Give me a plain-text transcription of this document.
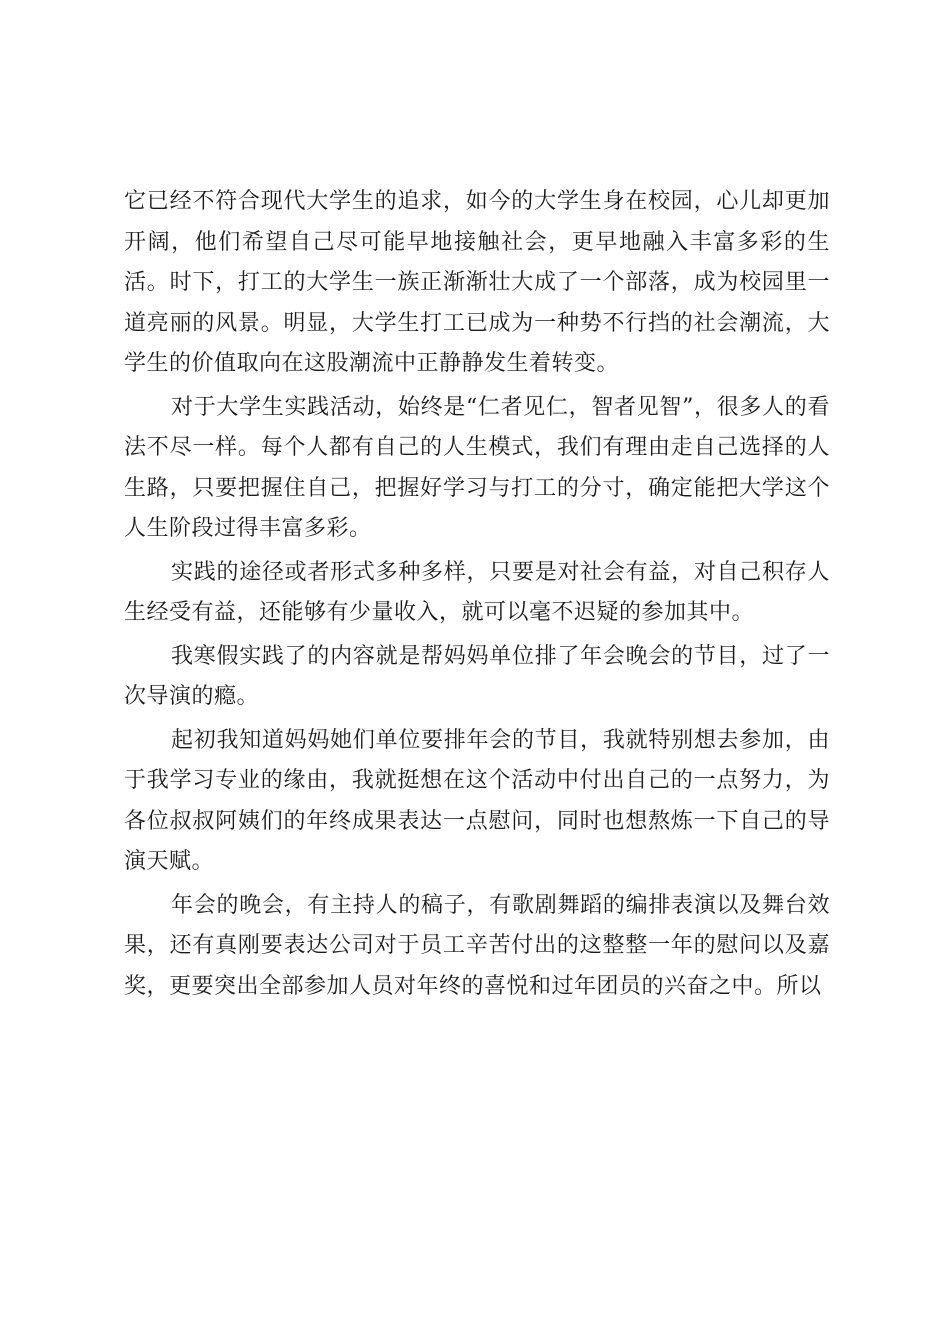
它已经不符合现代大学生的追求，如今的大学生身在校园，心儿却更加开阔，他们希望自己尽可能早地接触社会，更早地融入丰富多彩的生活。时下，打工的大学生一族正渐渐壮大成了一个部落，成为校园里一道亮丽的风景。明显，大学生打工已成为一种势不行挡的社会潮流，大学生的价值取向在这股潮流中正静静发生着转变。

对于大学生实践活动，始终是“仁者见仁，智者见智”，很多人的看法不尽一样。每个人都有自己的人生模式，我们有理由走自己选择的人生路，只要把握住自己，把握好学习与打工的分寸，确定能把大学这个人生阶段过得丰富多彩。

实践的途径或者形式多种多样，只要是对社会有益，对自己积存人生经受有益，还能够有少量收入，就可以毫不迟疑的参加其中。

我寒假实践了的内容就是帮妈妈单位排了年会晚会的节目，过了一次导演的瘾。

起初我知道妈妈她们单位要排年会的节目，我就特别想去参加，由于我学习专业的缘由，我就挺想在这个活动中付出自己的一点努力，为各位叔叔阿姨们的年终成果表达一点慰问，同时也想熬炼一下自己的导演天赋。

年会的晚会，有主持人的稿子，有歌剧舞蹈的编排表演以及舞台效果，还有真刚要表达公司对于员工辛苦付出的这整整一年的慰问以及嘉奖，更要突出全部参加人员对年终的喜悦和过年团员的兴奋之中。所以
